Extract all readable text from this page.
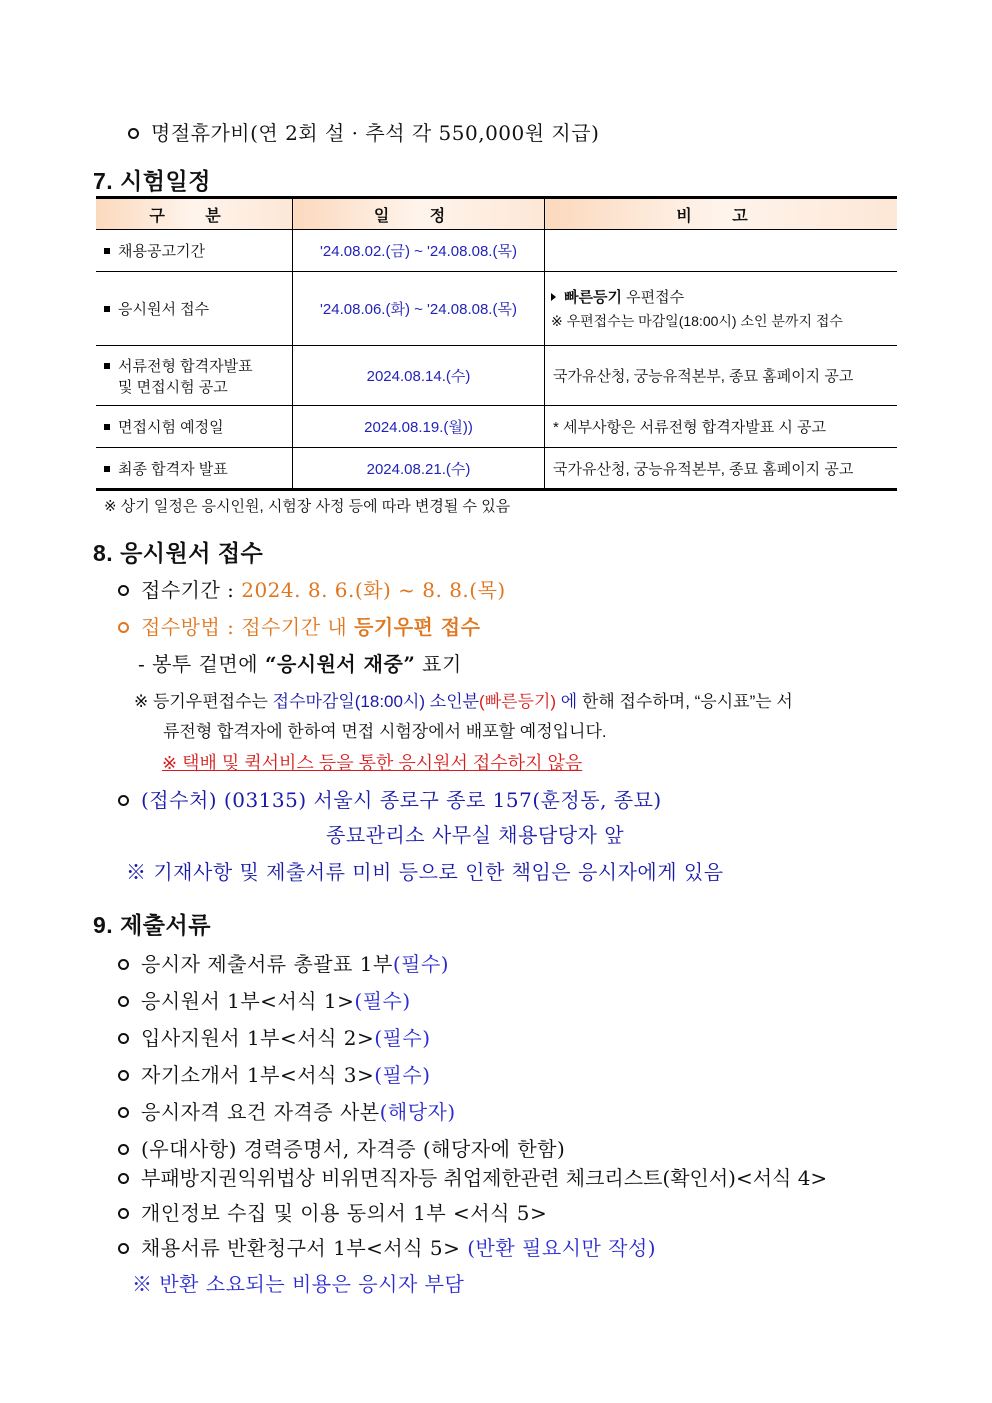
명절휴가비(연 2회 설 · 추석 각 550,000원 지급)
7. 시험일정
구 분	일 정	비 고
채용공고기간	'24.08.02.(금) ~ '24.08.08.(목)	
응시원서 접수	'24.08.06.(화) ~ '24.08.08.(목)	빠른등기 우편접수
※ 우편접수는 마감일(18:00시) 소인 분까지 접수

서류전형 합격자발표
및 면접시험 공고	2024.08.14.(수)	국가유산청, 궁능유적본부, 종묘 홈페이지 공고
면접시험 예정일	2024.08.19.(월))	* 세부사항은 서류전형 합격자발표 시 공고
최종 합격자 발표	2024.08.21.(수)	국가유산청, 궁능유적본부, 종묘 홈페이지 공고
※ 상기 일정은 응시인원, 시험장 사정 등에 따라 변경될 수 있음
8. 응시원서 접수
접수기간 : 2024. 8. 6.(화) ~ 8. 8.(목)
접수방법 : 접수기간 내 등기우편 접수
- 봉투 겉면에 “응시원서 재중” 표기
※ 등기우편접수는 접수마감일(18:00시) 소인분(빠른등기) 에 한해 접수하며, “응시표”는 서
류전형 합격자에 한하여 면접 시험장에서 배포할 예정입니다.
※ 택배 및 퀵서비스 등을 통한 응시원서 접수하지 않음
(접수처) (03135) 서울시 종로구 종로 157(훈정동, 종묘)
종묘관리소 사무실 채용담당자 앞
※ 기재사항 및 제출서류 미비 등으로 인한 책임은 응시자에게 있음
9. 제출서류
응시자 제출서류 총괄표 1부(필수)
응시원서 1부<서식 1>(필수)
입사지원서 1부<서식 2>(필수)
자기소개서 1부<서식 3>(필수)
응시자격 요건 자격증 사본(해당자)
(우대사항) 경력증명서, 자격증 (해당자에 한함)
부패방지권익위법상 비위면직자등 취업제한관련 체크리스트(확인서)<서식 4>
개인정보 수집 및 이용 동의서 1부 <서식 5>
채용서류 반환청구서 1부<서식 5> (반환 필요시만 작성)
※ 반환 소요되는 비용은 응시자 부담
